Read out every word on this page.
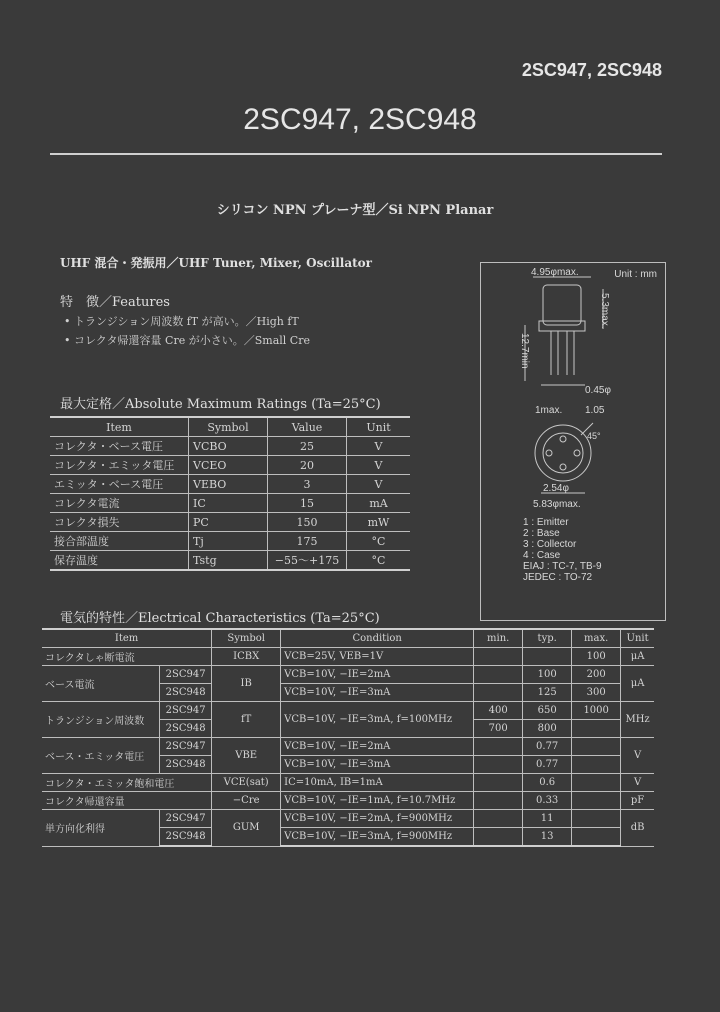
2SC947, 2SC948
2SC947, 2SC948
シリコン NPN プレーナ型／Si NPN Planar
UHF 混合・発振用／UHF Tuner, Mixer, Oscillator
特　徴／Features
• トランジション周波数 fT が高い。／High fT
• コレクタ帰還容量 Cre が小さい。／Small Cre
最大定格／Absolute Maximum Ratings (Ta=25°C)
Item	Symbol	Value	Unit
コレクタ・ベース電圧	VCBO	25	V
コレクタ・エミッタ電圧	VCEO	20	V
エミッタ・ベース電圧	VEBO	3	V
コレクタ電流	IC	15	mA
コレクタ損失	PC	150	mW
接合部温度	Tj	175	°C
保存温度	Tstg	−55〜+175	°C
Unit : mm
4.95φmax.
5.3max.
12.7min
0.45φ
1max. 1.05
45°
2.54φ
5.83φmax.
1 : Emitter
2 : Base
3 : Collector
4 : Case
EIAJ : TC-7, TB-9
JEDEC : TO-72
電気的特性／Electrical Characteristics (Ta=25°C)
Item		Symbol	Condition	min.	typ.	max.	Unit
コレクタしゃ断電流		ICBX	VCB=25V, VEB=1V			100	μA
ベース電流	2SC947	IB	VCB=10V, −IE=2mA		100	200	μA
	2SC948		VCB=10V, −IE=3mA		125	300	
トランジション周波数	2SC947	fT	VCB=10V, −IE=3mA, f=100MHz	400	650	1000	MHz
	2SC948			700	800		
ベース・エミッタ電圧	2SC947	VBE	VCB=10V, −IE=2mA		0.77		V
	2SC948		VCB=10V, −IE=3mA		0.77		
コレクタ・エミッタ飽和電圧		VCE(sat)	IC=10mA, IB=1mA		0.6		V
コレクタ帰還容量		−Cre	VCB=10V, −IE=1mA, f=10.7MHz		0.33		pF
単方向化利得	2SC947	GUM	VCB=10V, −IE=2mA, f=900MHz		11		dB
	2SC948		VCB=10V, −IE=3mA, f=900MHz		13		
